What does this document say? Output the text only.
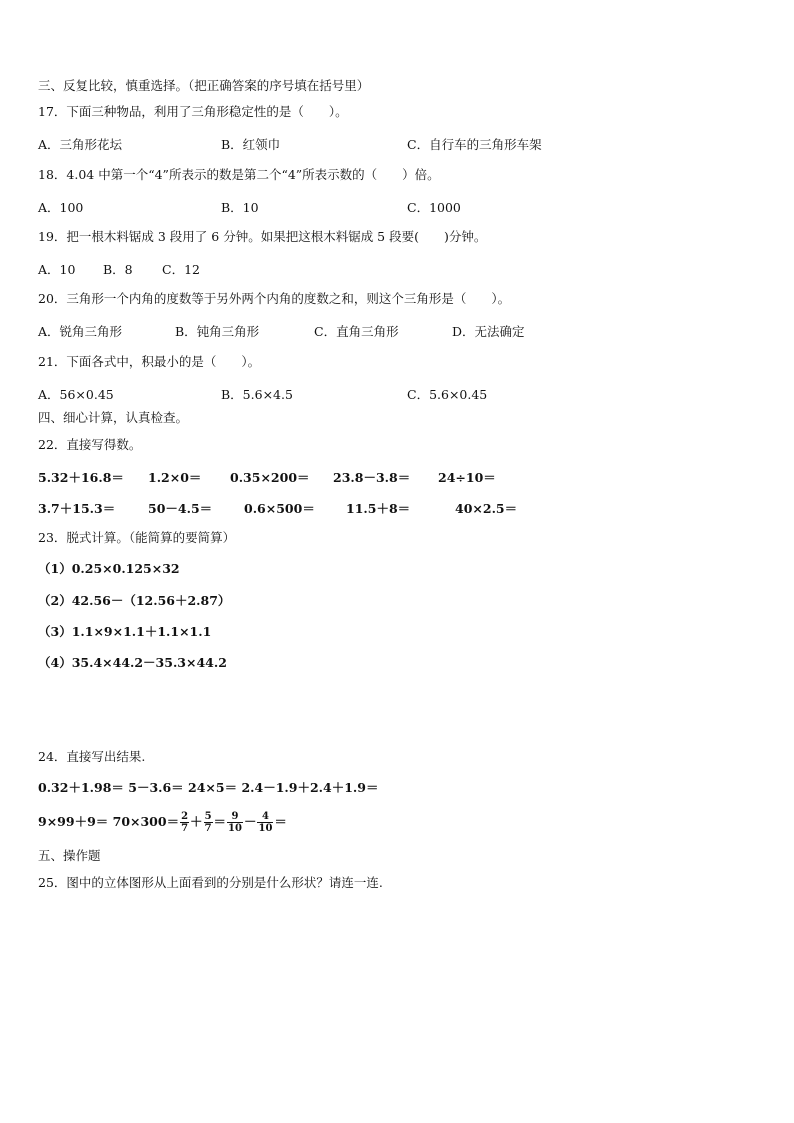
三、反复比较，慎重选择。（把正确答案的序号填在括号里）
17．下面三种物品，利用了三角形稳定性的是（　　）。
A．三角形花坛	B．红领巾	C．自行车的三角形车架
18．4.04 中第一个“4”所表示的数是第二个“4”所表示数的（　　）倍。
A．100	B．10	C．1000
19．把一根木料锯成 3 段用了 6 分钟。如果把这根木料锯成 5 段要(　　)分钟。
A．10 B．8 C．12
20．三角形一个内角的度数等于另外两个内角的度数之和，则这个三角形是（　　）。
A．锐角三角形	B．钝角三角形	C．直角三角形	D．无法确定
21．下面各式中，积最小的是（　　）。
A．56×0.45	B．5.6×4.5	C．5.6×0.45
四、细心计算，认真检查。
22．直接写得数。
5.32＋16.8＝ 1.2×0＝ 0.35×200＝ 23.8－3.8＝ 24÷10＝
3.7＋15.3＝	50－4.5＝	0.6×500＝ 11.5＋8＝	40×2.5＝
23．脱式计算。（能简算的要简算）
（1）0.25×0.125×32
（2）42.56－（12.56＋2.87）
（3）1.1×9×1.1＋1.1×1.1
（4）35.4×44.2－35.3×44.2
24．直接写出结果.
0.32＋1.98＝ 5－3.6＝ 24×5＝ 2.4－1.9＋2.4＋1.9＝
$9\times 99+9= 70\times 300= \frac{2}{7} + \frac{5}{7} = \frac{9}{10} - \frac{4}{10}$ ＝
五、操作题
25．图中的立体图形从上面看到的分别是什么形状？请连一连.
